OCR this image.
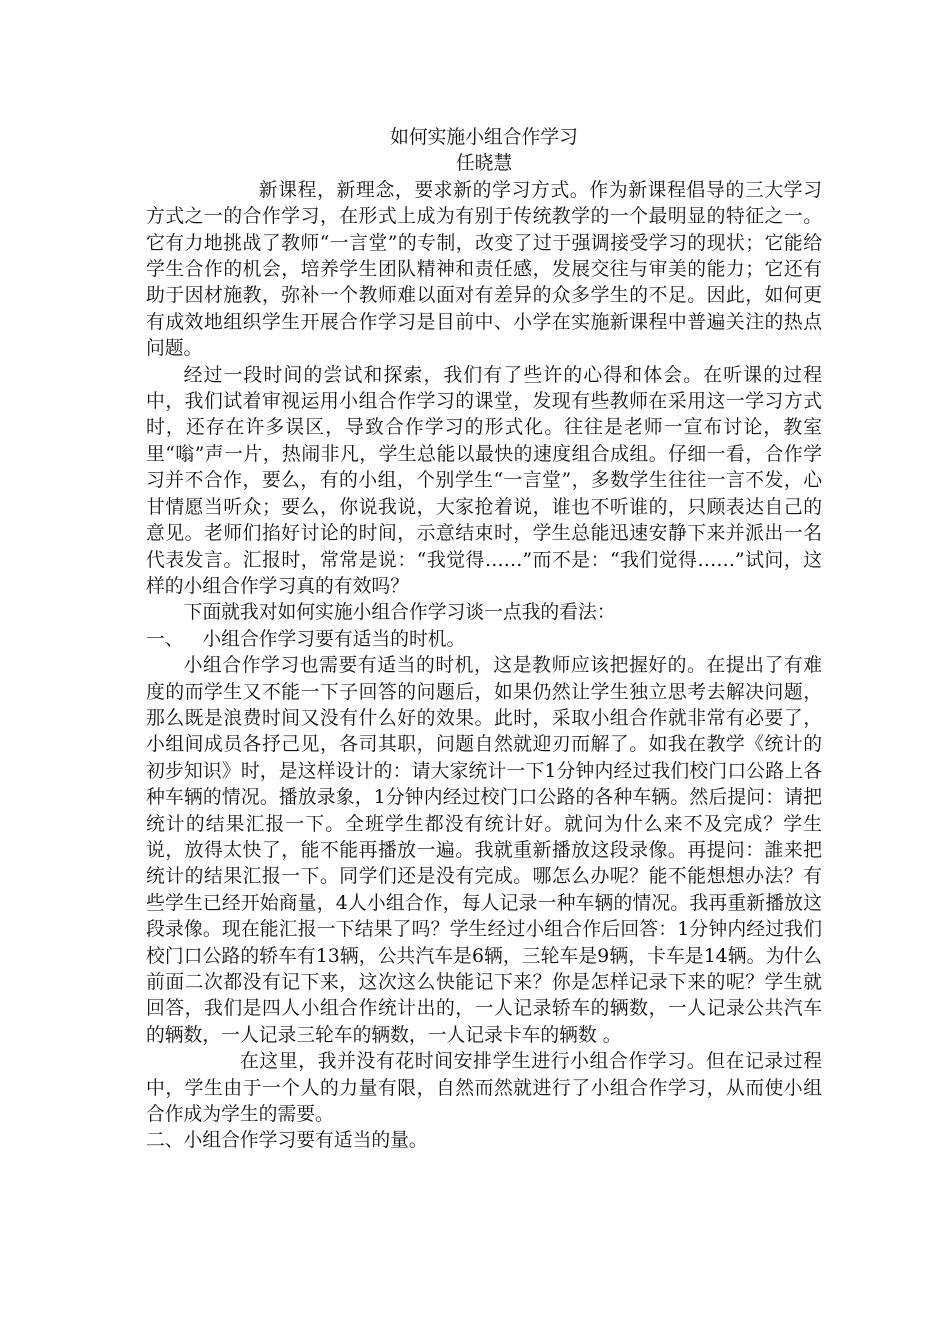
如何实施小组合作学习

任晓慧

新课程，新理念，要求新的学习方式。作为新课程倡导的三大学习方式之一的合作学习，在形式上成为有别于传统教学的一个最明显的特征之一。它有力地挑战了教师“一言堂”的专制，改变了过于强调接受学习的现状；它能给学生合作的机会，培养学生团队精神和责任感，发展交往与审美的能力；它还有助于因材施教，弥补一个教师难以面对有差异的众多学生的不足。因此，如何更有成效地组织学生开展合作学习是目前中、小学在实施新课程中普遍关注的热点问题。

经过一段时间的尝试和探索，我们有了些许的心得和体会。在听课的过程中，我们试着审视运用小组合作学习的课堂，发现有些教师在采用这一学习方式时，还存在许多误区，导致合作学习的形式化。往往是老师一宣布讨论，教室里“嗡”声一片，热闹非凡，学生总能以最快的速度组合成组。仔细一看，合作学习并不合作，要么，有的小组，个别学生“一言堂”，多数学生往往一言不发，心甘情愿当听众；要么，你说我说，大家抢着说，谁也不听谁的，只顾表达自己的意见。老师们掐好讨论的时间，示意结束时，学生总能迅速安静下来并派出一名代表发言。汇报时，常常是说：“我觉得……”而不是：“我们觉得……”试问，这样的小组合作学习真的有效吗？

下面就我对如何实施小组合作学习谈一点我的看法：

一、 小组合作学习要有适当的时机。

小组合作学习也需要有适当的时机，这是教师应该把握好的。在提出了有难度的而学生又不能一下子回答的问题后，如果仍然让学生独立思考去解决问题，那么既是浪费时间又没有什么好的效果。此时，采取小组合作就非常有必要了，小组间成员各抒己见，各司其职，问题自然就迎刃而解了。如我在教学《统计的初步知识》时，是这样设计的：请大家统计一下1分钟内经过我们校门口公路上各种车辆的情况。播放录象，1分钟内经过校门口公路的各种车辆。然后提问：请把统计的结果汇报一下。全班学生都没有统计好。就问为什么来不及完成？学生说，放得太快了，能不能再播放一遍。我就重新播放这段录像。再提问：誰来把统计的结果汇报一下。同学们还是没有完成。哪怎么办呢？能不能想想办法？有些学生已经开始商量，4人小组合作，每人记录一种车辆的情况。我再重新播放这段录像。现在能汇报一下结果了吗？学生经过小组合作后回答：1分钟内经过我们校门口公路的轿车有13辆，公共汽车是6辆，三轮车是9辆，卡车是14辆。为什么前面二次都没有记下来，这次这么快能记下来？你是怎样记录下来的呢？学生就回答，我们是四人小组合作统计出的，一人记录轿车的辆数，一人记录公共汽车的辆数，一人记录三轮车的辆数，一人记录卡车的辆数 。

在这里，我并没有花时间安排学生进行小组合作学习。但在记录过程中，学生由于一个人的力量有限，自然而然就进行了小组合作学习，从而使小组合作成为学生的需要。

二、小组合作学习要有适当的量。
